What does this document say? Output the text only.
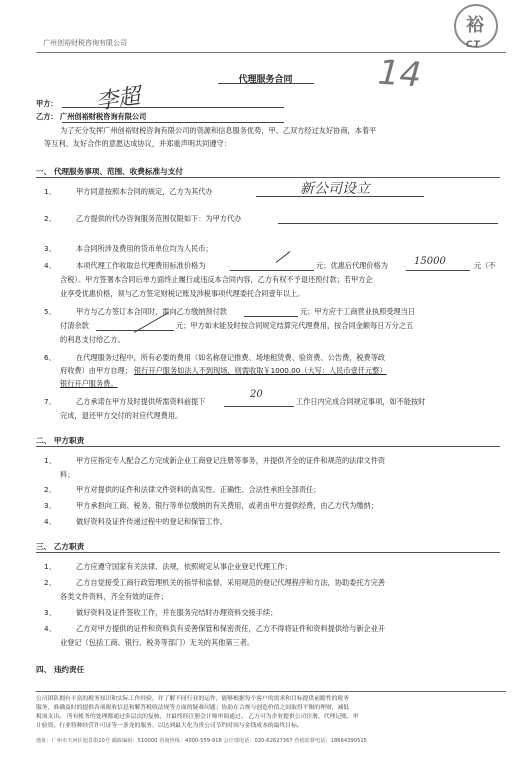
广州创裕财税咨询有限公司
裕
CT
14
代理服务合同
甲方： 李超
乙方： 广州创裕财税咨询有限公司
为了充分发挥广州创裕财税咨询有限公司的资源和信息服务优势，甲、乙双方经过友好协商，本着平
等互利、友好合作的意愿达成协议，并郑重声明共同遵守：
一、 代理服务事项、范围、收费标准与支付
1、	甲方同意按照本合同的规定，乙方为其代办	新公司设立
2、	乙方提供的代办咨询服务范围仅限如下：为甲方代办
3、	本合同所涉及费用的货币单位均为人民币；
4、	本项代理工作收取总代理费用标准价格为	元；优惠后代理价格为	15000	元（不
含税）。甲方签署本合同后单方面终止履行或违反本合同内容，乙方有权不予退还预付款；若甲方企
业享受优惠价格，须与乙方签定财税记账及涉税事项代理委托合同壹年以上。
5、	甲方与乙方签订本合同时，需向乙方缴纳预付款	元；甲方应于工商营业执照受理当日
付清余款	元；甲方如未能及时按合同规定结算完代理费用，按合同金额每日万分之五
的利息支付给乙方。
6、	在代理服务过程中，所有必要的费用（如名称登记推费、场地租赁费、验资费、公告费，税费等政
府收费）由甲方自理； 银行开户服务如法人不到现场，则需收取￥1000.00（大写：人民币壹仟元整）
银行开户服务费。
7、	乙方承诺在甲方及时提供所需资料前提下
20
工作日内完成合同规定事项，如不能按时
完成，退还甲方交付的对应代理费用。
二、 甲方职责
1、	甲方应指定专人配合乙方完成新企业工商登记注册等事务，并提供齐全的证件和规范的法律文件资
料；
2、	甲方对提供的证件和法律文件资料的真实性、正确性、合法性承担全部责任；
3、	甲方承担向工商、税务、银行等单位缴纳的有关费用，或者由甲方提供经费，由乙方代为缴纳；
4、	做好资料及证件传递过程中的登记和保管工作。
三、 乙方职责
1、	乙方应遵守国家有关法律、法规，依照规定从事企业登记代理工作；
2、	乙方自觉接受工商行政管理机关的指导和监督，采用规范的登记代理程序和方法，协助委托方完善
各类文件资料，齐全有效的证件；
3、	做好资料及证件签收工作，并在服务完结时办理资料交接手续；
4、	乙方对甲方提供的证件和资料负有妥善保管和保密责任，乙方不得将证件和资料提供给与新企业开
业登记（包括工商、银行、税务等部门）无关的其他第三者。
四、 违约责任
公司团队拥有丰富的税务知识和实际工作经验，并了解不同行业的运作，能够根据每个客户的需求和目标提供前瞻性的税务
服务，准确及时的提供各项税收信息和解答税收法规等方面的疑难问题；协助在合规与创造价值之间取得平衡的理财，减低
税项支出。 所有帐务的处理都通过多层次的复核，并最终经注册会计师审阅通过。 乙方可为企业提供公司注册、代理记账、审
计验资、行业特种经营许可证等一条龙的服务，以达到最大化为贵公司节约时间与金钱成本的最终目标。
地址：广州市天河区旭景街10号 邮政编码：510000 咨询热线：4000-559-918 会计部电话：020-62627367 营销监督电话：18664390515
